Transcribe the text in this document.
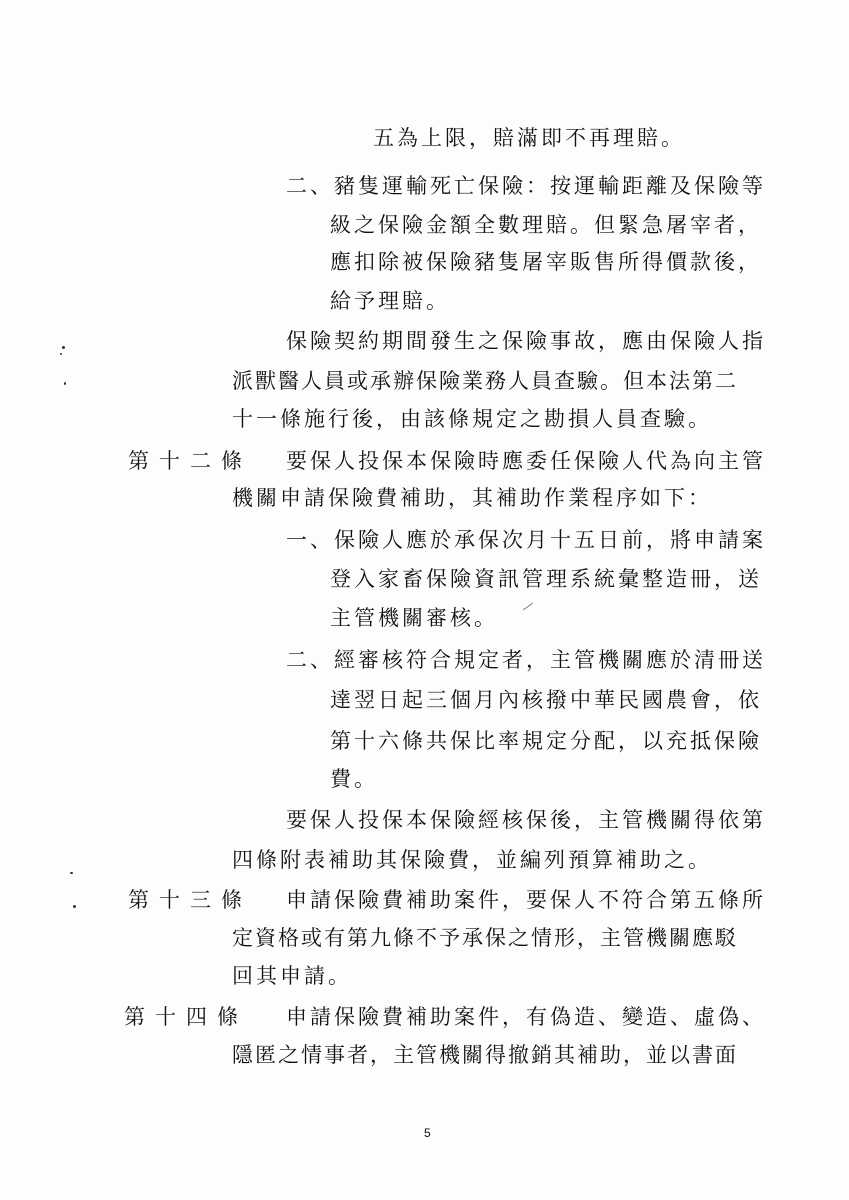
五為上限，賠滿即不再理賠。
二、豬隻運輸死亡保險：按運輸距離及保險等
級之保險金額全數理賠。但緊急屠宰者，
應扣除被保險豬隻屠宰販售所得價款後，
給予理賠。
保險契約期間發生之保險事故，應由保險人指
派獸醫人員或承辦保險業務人員查驗。但本法第二
十一條施行後，由該條規定之勘損人員查驗。
第十二條 要保人投保本保險時應委任保險人代為向主管
機關申請保險費補助，其補助作業程序如下：
一、保險人應於承保次月十五日前，將申請案
登入家畜保險資訊管理系統彙整造冊，送
主管機關審核。
二、經審核符合規定者，主管機關應於清冊送
達翌日起三個月內核撥中華民國農會，依
第十六條共保比率規定分配，以充抵保險
費。
要保人投保本保險經核保後，主管機關得依第
四條附表補助其保險費，並編列預算補助之。
第十三條 申請保險費補助案件，要保人不符合第五條所
定資格或有第九條不予承保之情形，主管機關應駁
回其申請。
第十四條 申請保險費補助案件，有偽造、變造、虛偽、
隱匿之情事者，主管機關得撤銷其補助，並以書面
5
